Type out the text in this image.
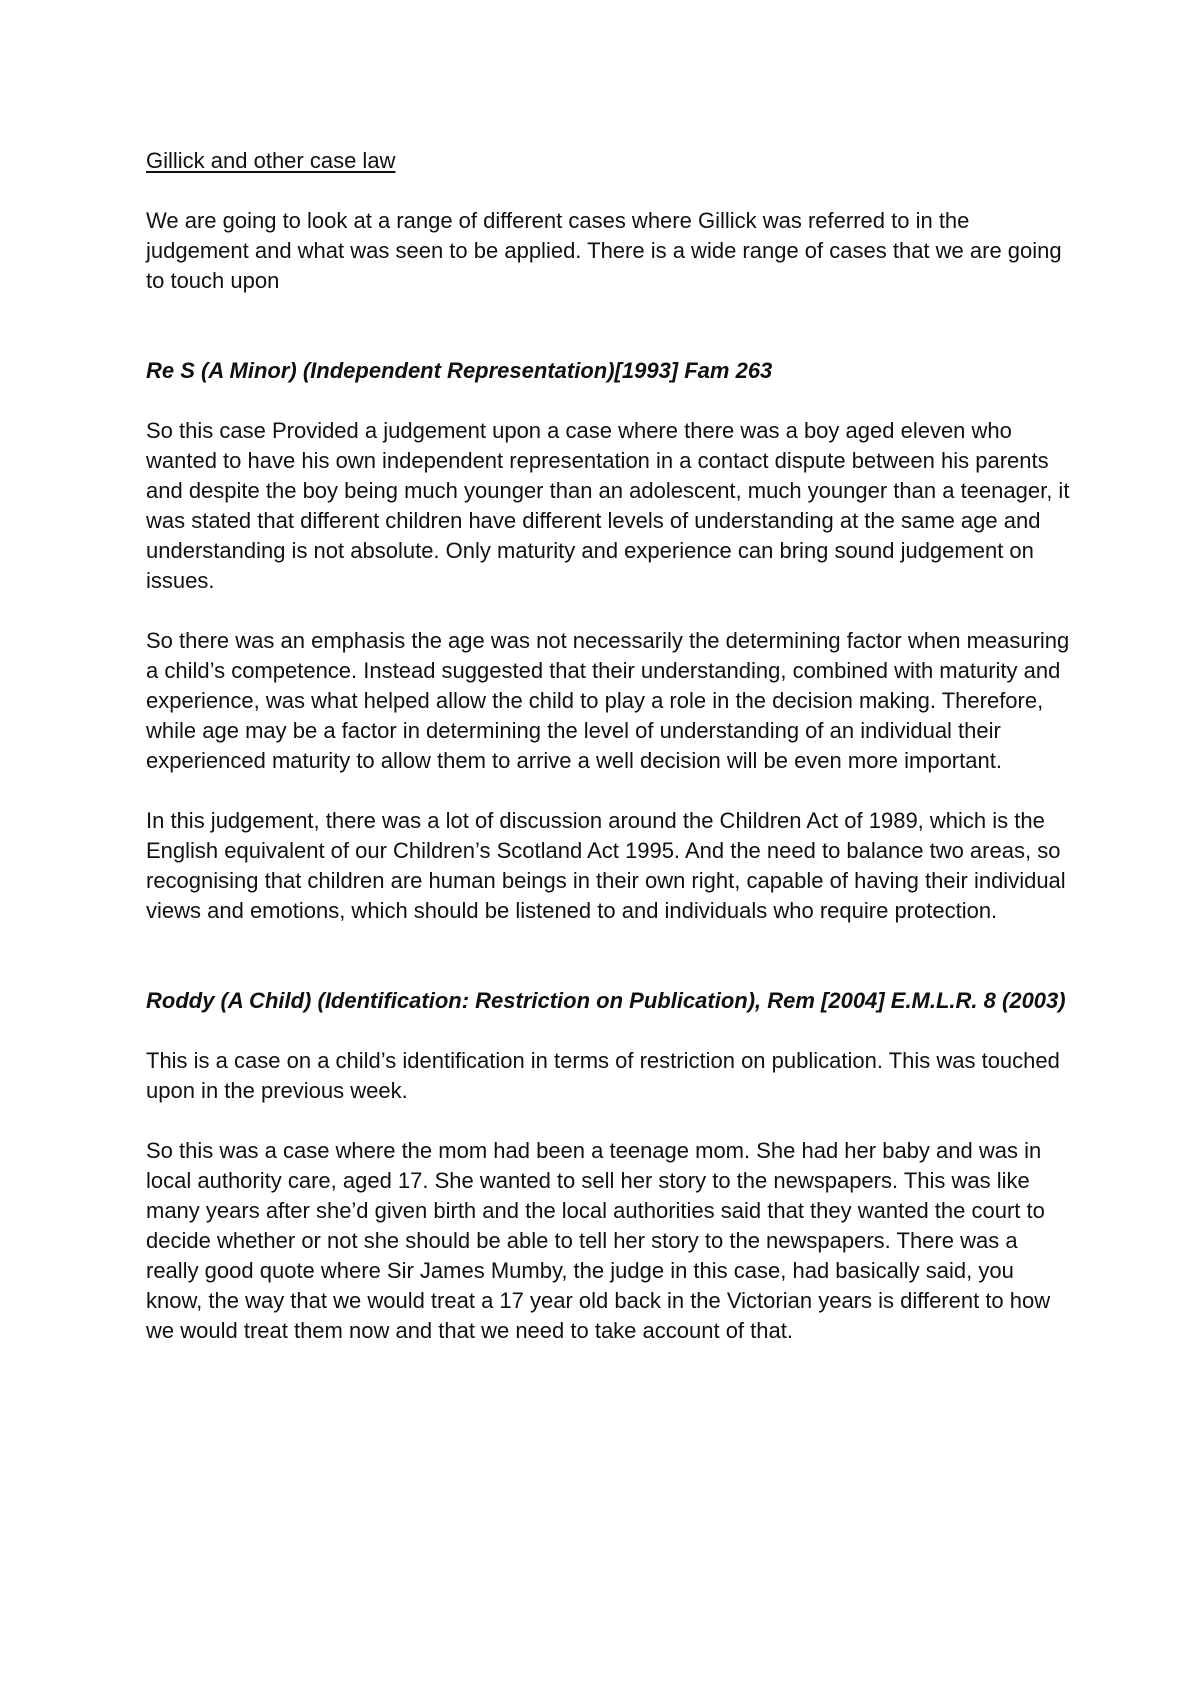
Gillick and other case law

We are going to look at a range of different cases where Gillick was referred to in the judgement and what was seen to be applied. There is a wide range of cases that we are going to touch upon

Re S (A Minor) (Independent Representation)[1993] Fam 263

So this case Provided a judgement upon a case where there was a boy aged eleven who wanted to have his own independent representation in a contact dispute between his parents and despite the boy being much younger than an adolescent, much younger than a teenager, it was stated that different children have different levels of understanding at the same age and understanding is not absolute. Only maturity and experience can bring sound judgement on issues.

So there was an emphasis the age was not necessarily the determining factor when measuring a child’s competence. Instead suggested that their understanding, combined with maturity and experience, was what helped allow the child to play a role in the decision making. Therefore, while age may be a factor in determining the level of understanding of an individual their experienced maturity to allow them to arrive a well decision will be even more important.

In this judgement, there was a lot of discussion around the Children Act of 1989, which is the English equivalent of our Children’s Scotland Act 1995. And the need to balance two areas, so recognising that children are human beings in their own right, capable of having their individual views and emotions, which should be listened to and individuals who require protection.

Roddy (A Child) (Identification: Restriction on Publication), Rem [2004] E.M.L.R. 8 (2003)

This is a case on a child’s identification in terms of restriction on publication. This was touched upon in the previous week.

So this was a case where the mom had been a teenage mom. She had her baby and was in local authority care, aged 17. She wanted to sell her story to the newspapers. This was like many years after she’d given birth and the local authorities said that they wanted the court to decide whether or not she should be able to tell her story to the newspapers. There was a really good quote where Sir James Mumby, the judge in this case, had basically said, you know, the way that we would treat a 17 year old back in the Victorian years is different to how we would treat them now and that we need to take account of that.
